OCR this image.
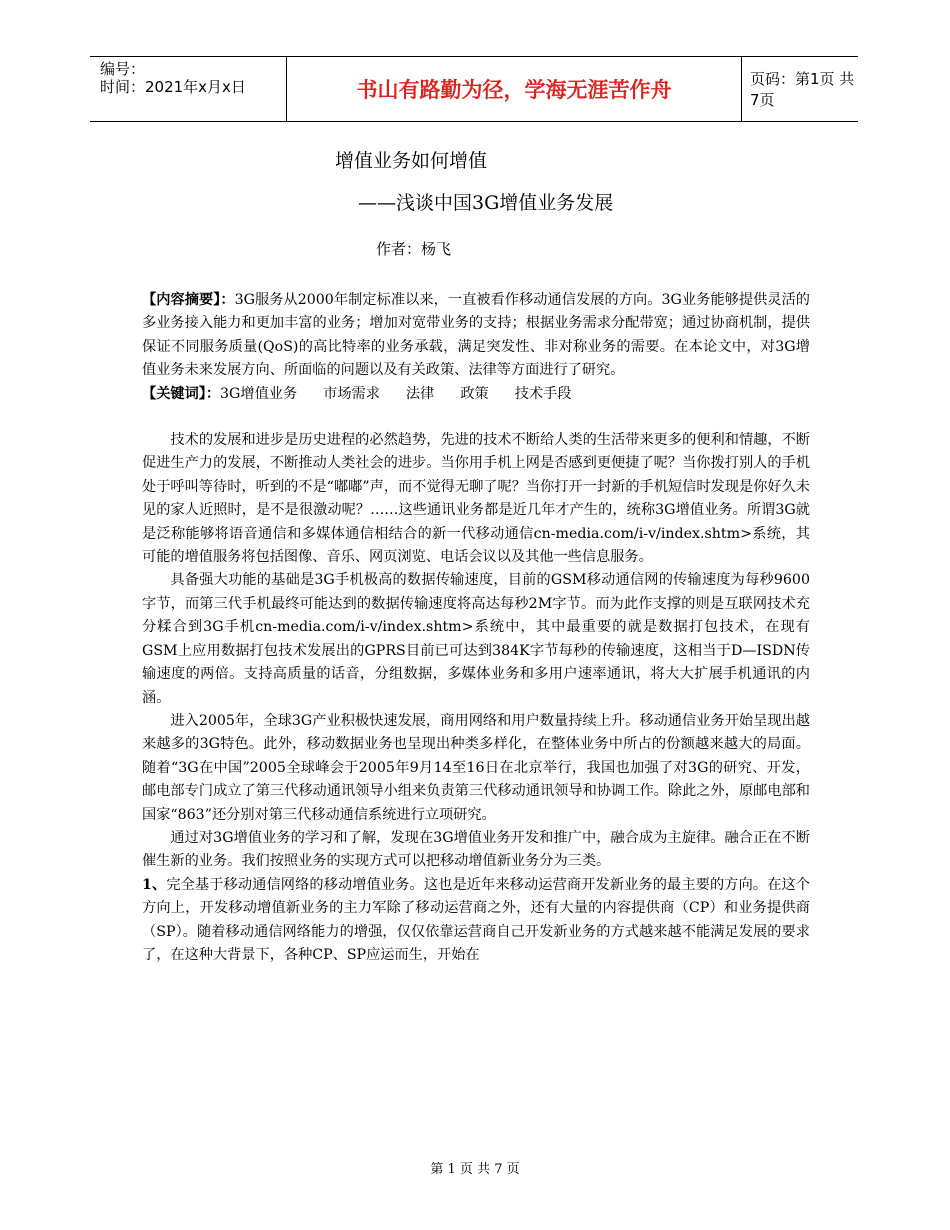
编号：
时间：2021年x月x日	书山有路勤为径，学海无涯苦作舟	页码：第1页 共7页
增值业务如何增值
——浅谈中国3G增值业务发展
作者：杨飞

【内容摘要】：3G服务从2000年制定标准以来，一直被看作移动通信发展的方向。3G业务能够提供灵活的多业务接入能力和更加丰富的业务；增加对宽带业务的支持；根据业务需求分配带宽；通过协商机制，提供保证不同服务质量(QoS)的高比特率的业务承载，满足突发性、非对称业务的需要。在本论文中，对3G增值业务未来发展方向、所面临的问题以及有关政策、法律等方面进行了研究。

【关键词】：3G增值业务 市场需求 法律 政策 技术手段

技术的发展和进步是历史进程的必然趋势，先进的技术不断给人类的生活带来更多的便利和情趣，不断促进生产力的发展，不断推动人类社会的进步。当你用手机上网是否感到更便捷了呢？当你拨打别人的手机处于呼叫等待时，听到的不是“嘟嘟”声，而不觉得无聊了呢？当你打开一封新的手机短信时发现是你好久未见的家人近照时，是不是很激动呢？……这些通讯业务都是近几年才产生的，统称3G增值业务。所谓3G就是泛称能够将语音通信和多媒体通信相结合的新一代移动通信cn-media.com/i-v/index.shtm>系统，其可能的增值服务将包括图像、音乐、网页浏览、电话会议以及其他一些信息服务。

具备强大功能的基础是3G手机极高的数据传输速度，目前的GSM移动通信网的传输速度为每秒9600字节，而第三代手机最终可能达到的数据传输速度将高达每秒2M字节。而为此作支撑的则是互联网技术充分糅合到3G手机cn-media.com/i-v/index.shtm>系统中，其中最重要的就是数据打包技术，在现有GSM上应用数据打包技术发展出的GPRS目前已可达到384K字节每秒的传输速度，这相当于D—ISDN传输速度的两倍。支持高质量的话音，分组数据，多媒体业务和多用户速率通讯，将大大扩展手机通讯的内涵。

进入2005年，全球3G产业积极快速发展，商用网络和用户数量持续上升。移动通信业务开始呈现出越来越多的3G特色。此外，移动数据业务也呈现出种类多样化，在整体业务中所占的份额越来越大的局面。随着“3G在中国”2005全球峰会于2005年9月14至16日在北京举行，我国也加强了对3G的研究、开发，邮电部专门成立了第三代移动通讯领导小组来负责第三代移动通讯领导和协调工作。除此之外，原邮电部和国家“863”还分别对第三代移动通信系统进行立项研究。

通过对3G增值业务的学习和了解，发现在3G增值业务开发和推广中，融合成为主旋律。融合正在不断催生新的业务。我们按照业务的实现方式可以把移动增值新业务分为三类。

1、完全基于移动通信网络的移动增值业务。这也是近年来移动运营商开发新业务的最主要的方向。在这个方向上，开发移动增值新业务的主力军除了移动运营商之外，还有大量的内容提供商（CP）和业务提供商（SP）。随着移动通信网络能力的增强，仅仅依靠运营商自己开发新业务的方式越来越不能满足发展的要求了，在这种大背景下，各种CP、SP应运而生，开始在

第 1 页 共 7 页
